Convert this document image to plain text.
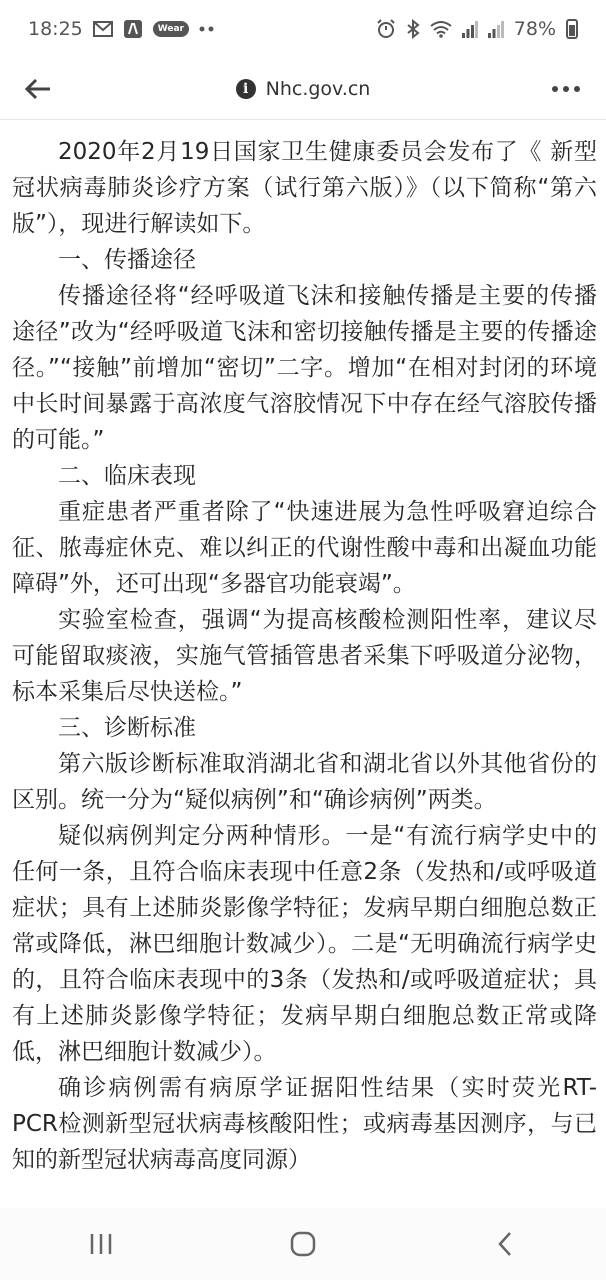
18:25	Wear	78%
i Nhc.gov.cn

2020年2月19日国家卫生健康委员会发布了《 新型冠状病毒肺炎诊疗方案（试行第六版）》（以下简称“第六版”），现进行解读如下。

一、传播途径

传播途径将“经呼吸道飞沫和接触传播是主要的传播途径”改为“经呼吸道飞沫和密切接触传播是主要的传播途径。”“接触”前增加“密切”二字。增加“在相对封闭的环境中长时间暴露于高浓度气溶胶情况下中存在经气溶胶传播的可能。”

二、临床表现

重症患者严重者除了“快速进展为急性呼吸窘迫综合征、脓毒症休克、难以纠正的代谢性酸中毒和出凝血功能障碍”外，还可出现“多器官功能衰竭”。

实验室检查，强调“为提高核酸检测阳性率，建议尽可能留取痰液，实施气管插管患者采集下呼吸道分泌物，标本采集后尽快送检。”

三、诊断标准

第六版诊断标准取消湖北省和湖北省以外其他省份的区别。统一分为“疑似病例”和“确诊病例”两类。

疑似病例判定分两种情形。一是“有流行病学史中的任何一条，且符合临床表现中任意2条（发热和/或呼吸道症状；具有上述肺炎影像学特征；发病早期白细胞总数正常或降低，淋巴细胞计数减少）。二是“无明确流行病学史的，且符合临床表现中的3条（发热和/或呼吸道症状；具有上述肺炎影像学特征；发病早期白细胞总数正常或降低，淋巴细胞计数减少）。

确诊病例需有病原学证据阳性结果（实时荧光RT-PCR检测新型冠状病毒核酸阳性；或病毒基因测序，与已知的新型冠状病毒高度同源）
